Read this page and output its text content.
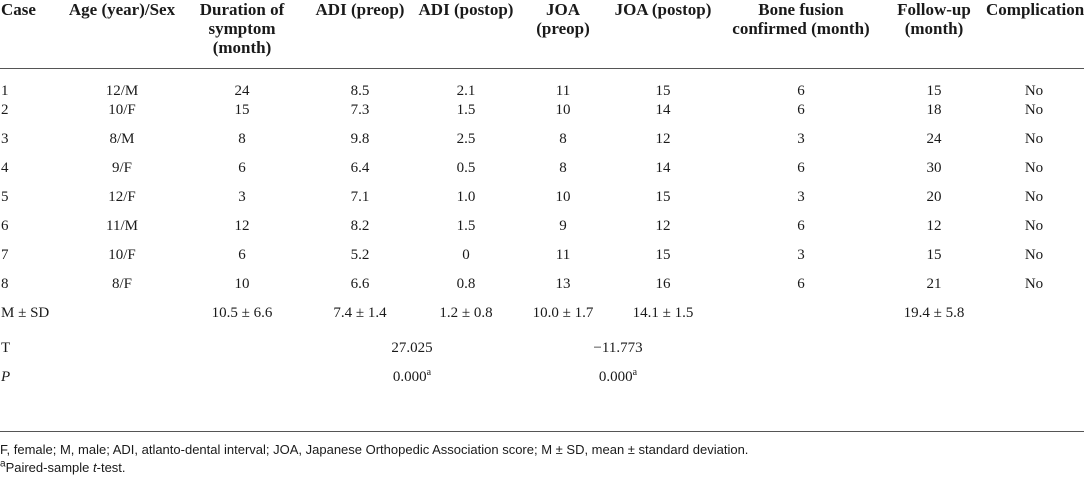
Case	Age (year)/Sex	Duration of symptom (month)	ADI (preop)	ADI (postop)	JOA (preop)	JOA (postop)	Bone fusion confirmed (month)	Follow-up (month)	Complication
1	12/M	24	8.5	2.1	11	15	6	15	No
2	10/F	15	7.3	1.5	10	14	6	18	No
3	8/M	8	9.8	2.5	8	12	3	24	No
4	9/F	6	6.4	0.5	8	14	6	30	No
5	12/F	3	7.1	1.0	10	15	3	20	No
6	11/M	12	8.2	1.5	9	12	6	12	No
7	10/F	6	5.2	0	11	15	3	15	No
8	8/F	10	6.6	0.8	13	16	6	21	No
M ± SD		10.5 ± 6.6	7.4 ± 1.4	1.2 ± 0.8	10.0 ± 1.7	14.1 ± 1.5		19.4 ± 5.8	
T			27.025		−11.773				
P			0.000$^a$		0.000$^a$			

F, female; M, male; ADI, atlanto-dental interval; JOA, Japanese Orthopedic Association score; M ± SD, mean ± standard deviation.

$^a$Paired-sample t-test.
